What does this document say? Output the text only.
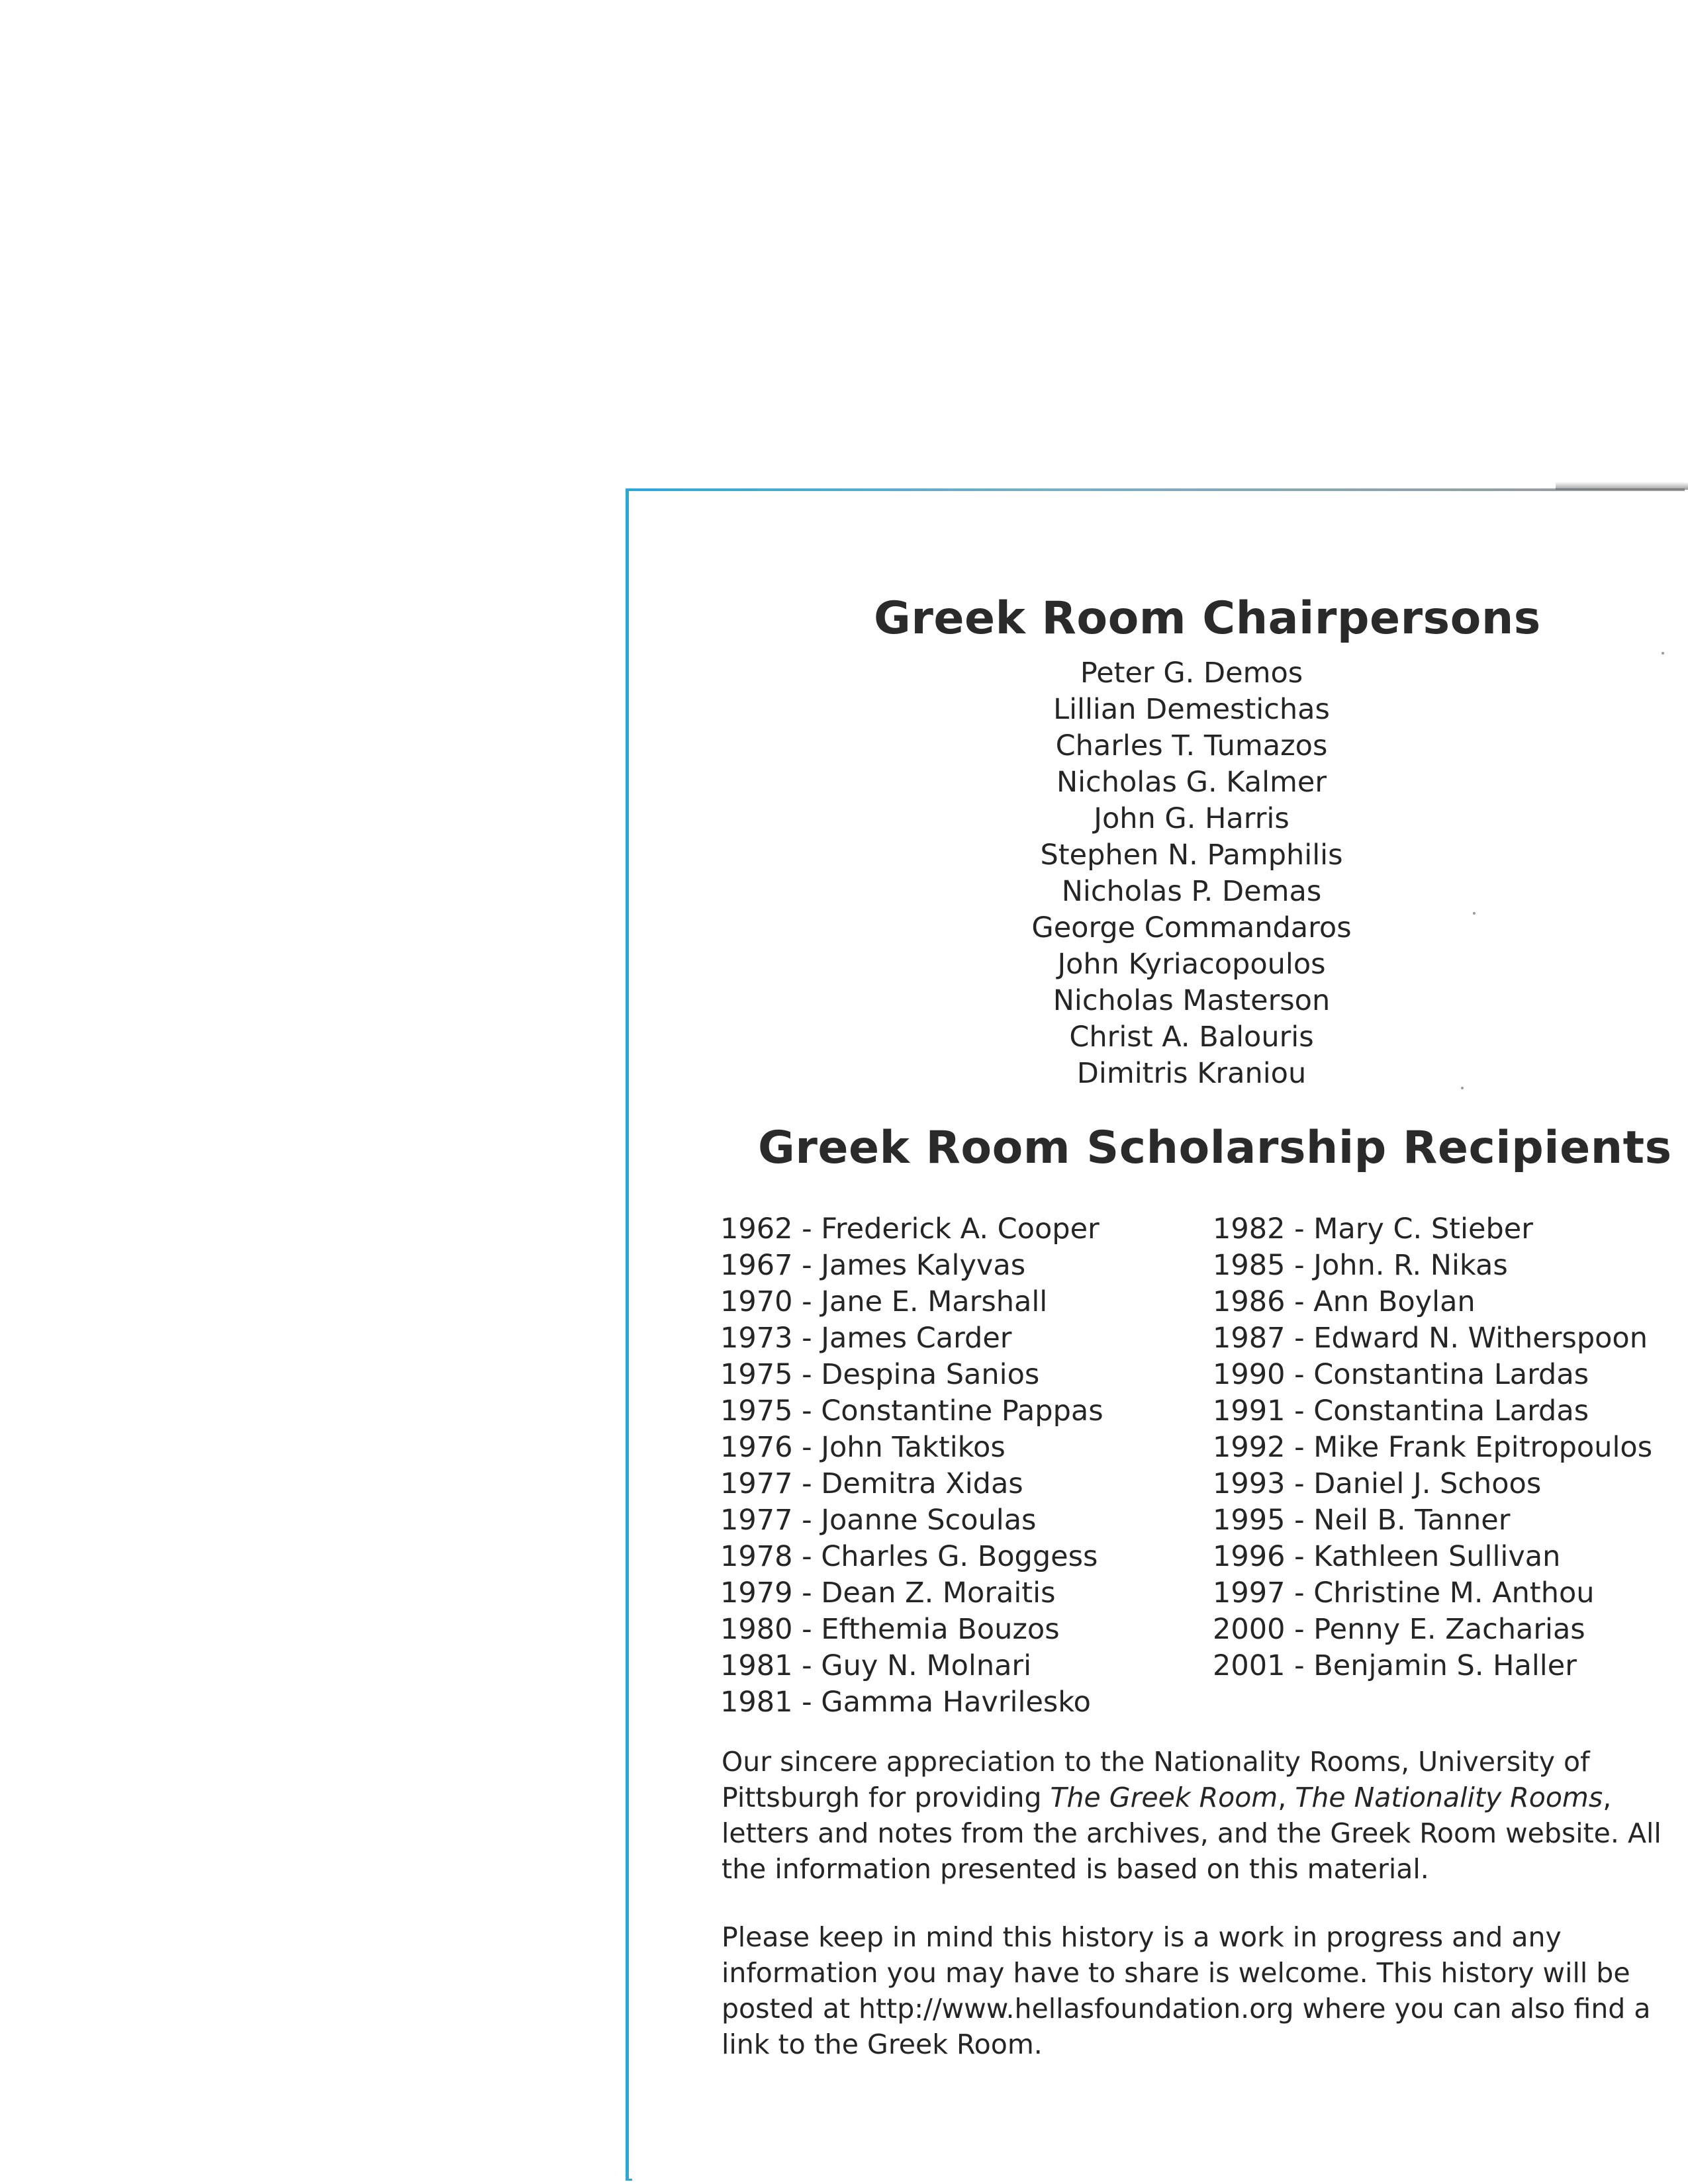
Greek Room Chairpersons
Peter G. Demos
Lillian Demestichas
Charles T. Tumazos
Nicholas G. Kalmer
John G. Harris
Stephen N. Pamphilis
Nicholas P. Demas
George Commandaros
John Kyriacopoulos
Nicholas Masterson
Christ A. Balouris
Dimitris Kraniou
Greek Room Scholarship Recipients
1962 - Frederick A. Cooper
1967 - James Kalyvas
1970 - Jane E. Marshall
1973 - James Carder
1975 - Despina Sanios
1975 - Constantine Pappas
1976 - John Taktikos
1977 - Demitra Xidas
1977 - Joanne Scoulas
1978 - Charles G. Boggess
1979 - Dean Z. Moraitis
1980 - Efthemia Bouzos
1981 - Guy N. Molnari
1981 - Gamma Havrilesko
1982 - Mary C. Stieber
1985 - John. R. Nikas
1986 - Ann Boylan
1987 - Edward N. Witherspoon
1990 - Constantina Lardas
1991 - Constantina Lardas
1992 - Mike Frank Epitropoulos
1993 - Daniel J. Schoos
1995 - Neil B. Tanner
1996 - Kathleen Sullivan
1997 - Christine M. Anthou
2000 - Penny E. Zacharias
2001 - Benjamin S. Haller

Our sincere appreciation to the Nationality Rooms, University of Pittsburgh for providing The Greek Room, The Nationality Rooms, letters and notes from the archives, and the Greek Room website. All the information presented is based on this material.

Please keep in mind this history is a work in progress and any information you may have to share is welcome. This history will be posted at http://www.hellasfoundation.org where you can also find a link to the Greek Room.
